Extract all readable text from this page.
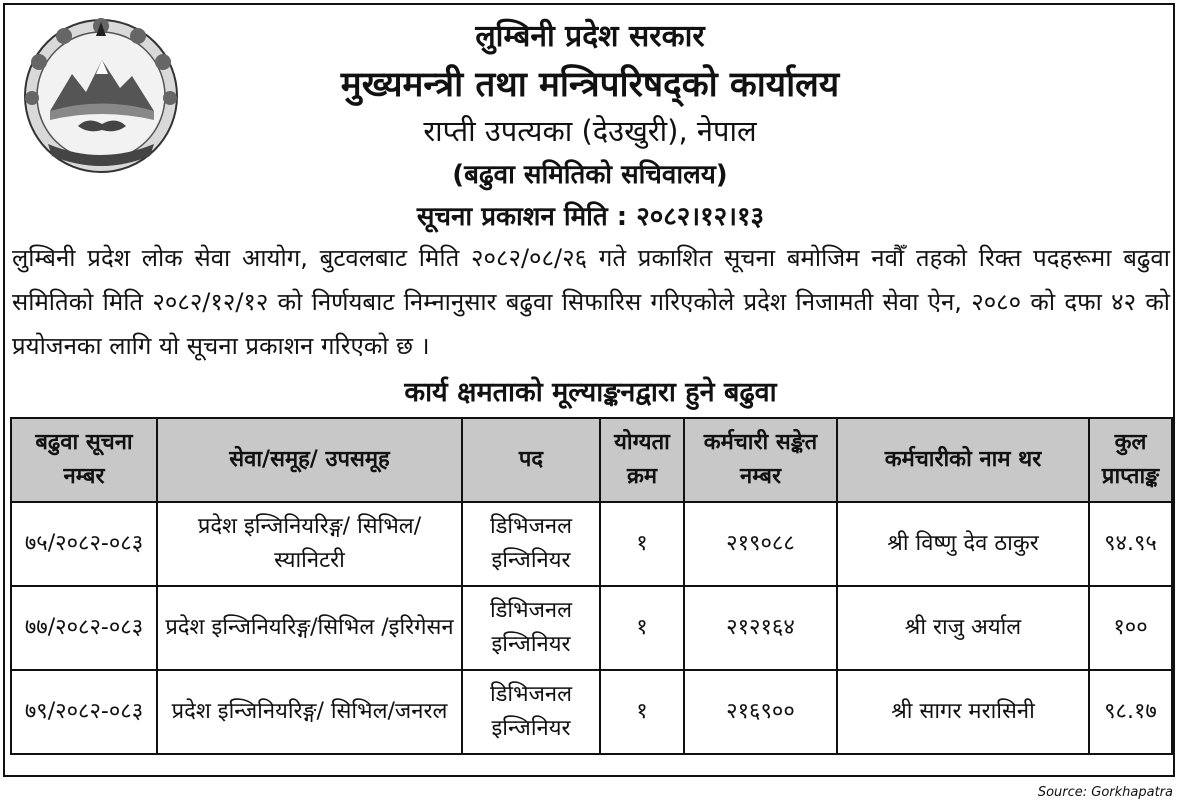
लुम्बिनी प्रदेश सरकार
मुख्यमन्त्री तथा मन्त्रिपरिषद्को कार्यालय
राप्ती उपत्यका (देउखुरी), नेपाल
(बढुवा समितिको सचिवालय)
सूचना प्रकाशन मिति : २०८२।१२।१३
लुम्बिनी प्रदेश लोक सेवा आयोग, बुटवलबाट मिति २०८२/०८/२६ गते प्रकाशित सूचना बमोजिम नवौँ तहको रिक्त पदहरूमा बढुवा समितिको मिति २०८२/१२/१२ को निर्णयबाट निम्नानुसार बढुवा सिफारिस गरिएकोले प्रदेश निजामती सेवा ऐन, २०८० को दफा ४२ को प्रयोजनका लागि यो सूचना प्रकाशन गरिएको छ ।
कार्य क्षमताको मूल्याङ्कनद्वारा हुने बढुवा
बढुवा सूचना नम्बर	सेवा/समूह/ उपसमूह	पद	योग्यता क्रम	कर्मचारी सङ्केत नम्बर	कर्मचारीको नाम थर	कुल प्राप्ताङ्क
७५/२०८२-०८३	प्रदेश इन्जिनियरिङ्ग/ सिभिल/ स्यानिटरी	डिभिजनल इन्जिनियर	१	२१९०८८	श्री विष्णु देव ठाकुर	९४.९५
७७/२०८२-०८३	प्रदेश इन्जिनियरिङ्ग/सिभिल /इरिगेसन	डिभिजनल इन्जिनियर	१	२१२१६४	श्री राजु अर्याल	१००
७९/२०८२-०८३	प्रदेश इन्जिनियरिङ्ग/ सिभिल/जनरल	डिभिजनल इन्जिनियर	१	२१६९००	श्री सागर मरासिनी	९८.१७
Source: Gorkhapatra
